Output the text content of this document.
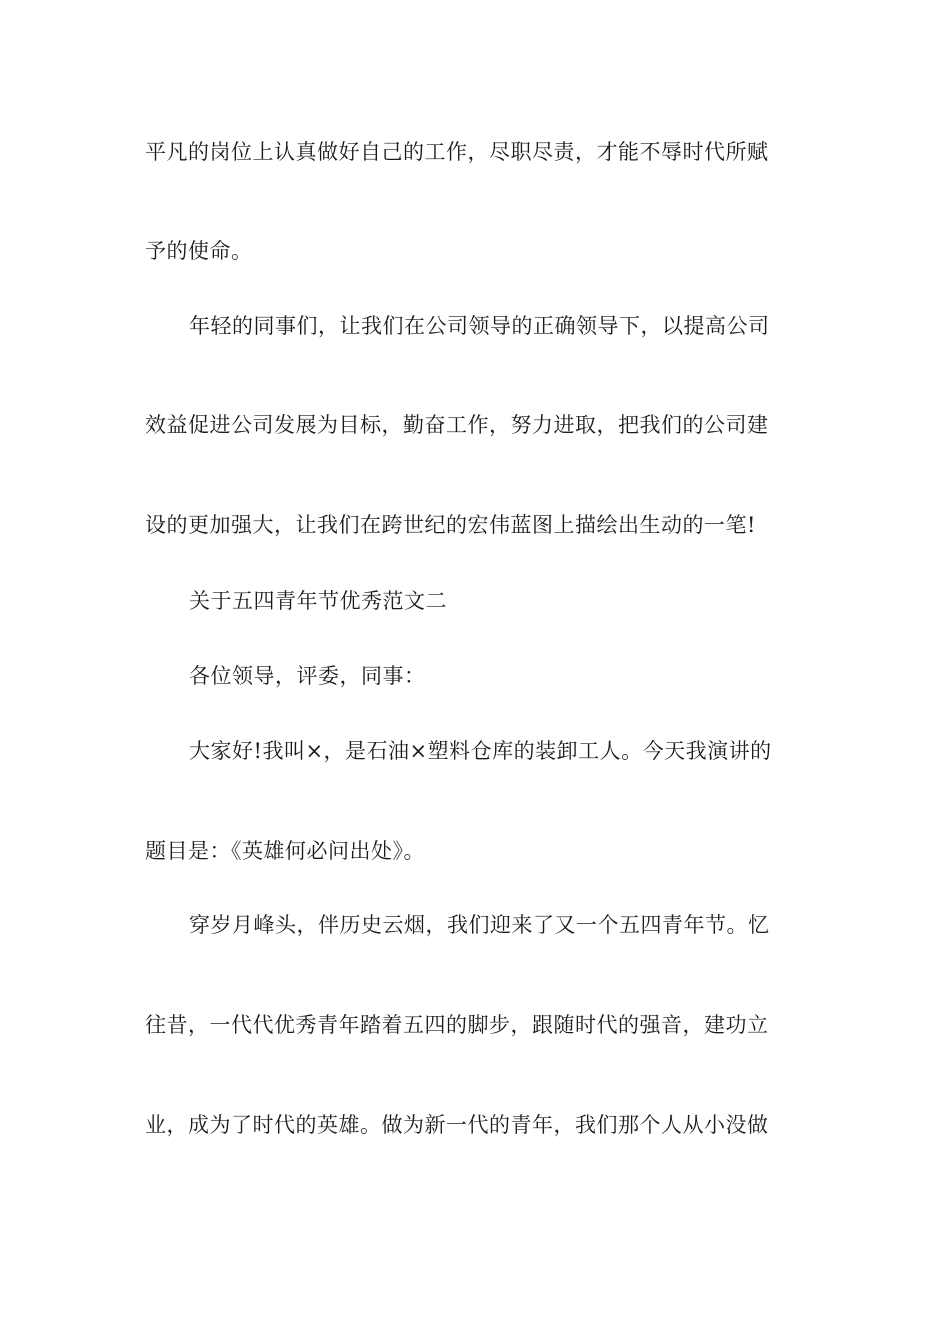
平凡的岗位上认真做好自己的工作，尽职尽责，才能不辱时代所赋
予的使命。
年轻的同事们，让我们在公司领导的正确领导下，以提高公司
效益促进公司发展为目标，勤奋工作，努力进取，把我们的公司建
设的更加强大，让我们在跨世纪的宏伟蓝图上描绘出生动的一笔!
关于五四青年节优秀范文二
各位领导，评委，同事：
大家好!我叫×，是石油×塑料仓库的装卸工人。今天我演讲的
题目是：《英雄何必问出处》。
穿岁月峰头，伴历史云烟，我们迎来了又一个五四青年节。忆
往昔，一代代优秀青年踏着五四的脚步，跟随时代的强音，建功立
业，成为了时代的英雄。做为新一代的青年，我们那个人从小没做
